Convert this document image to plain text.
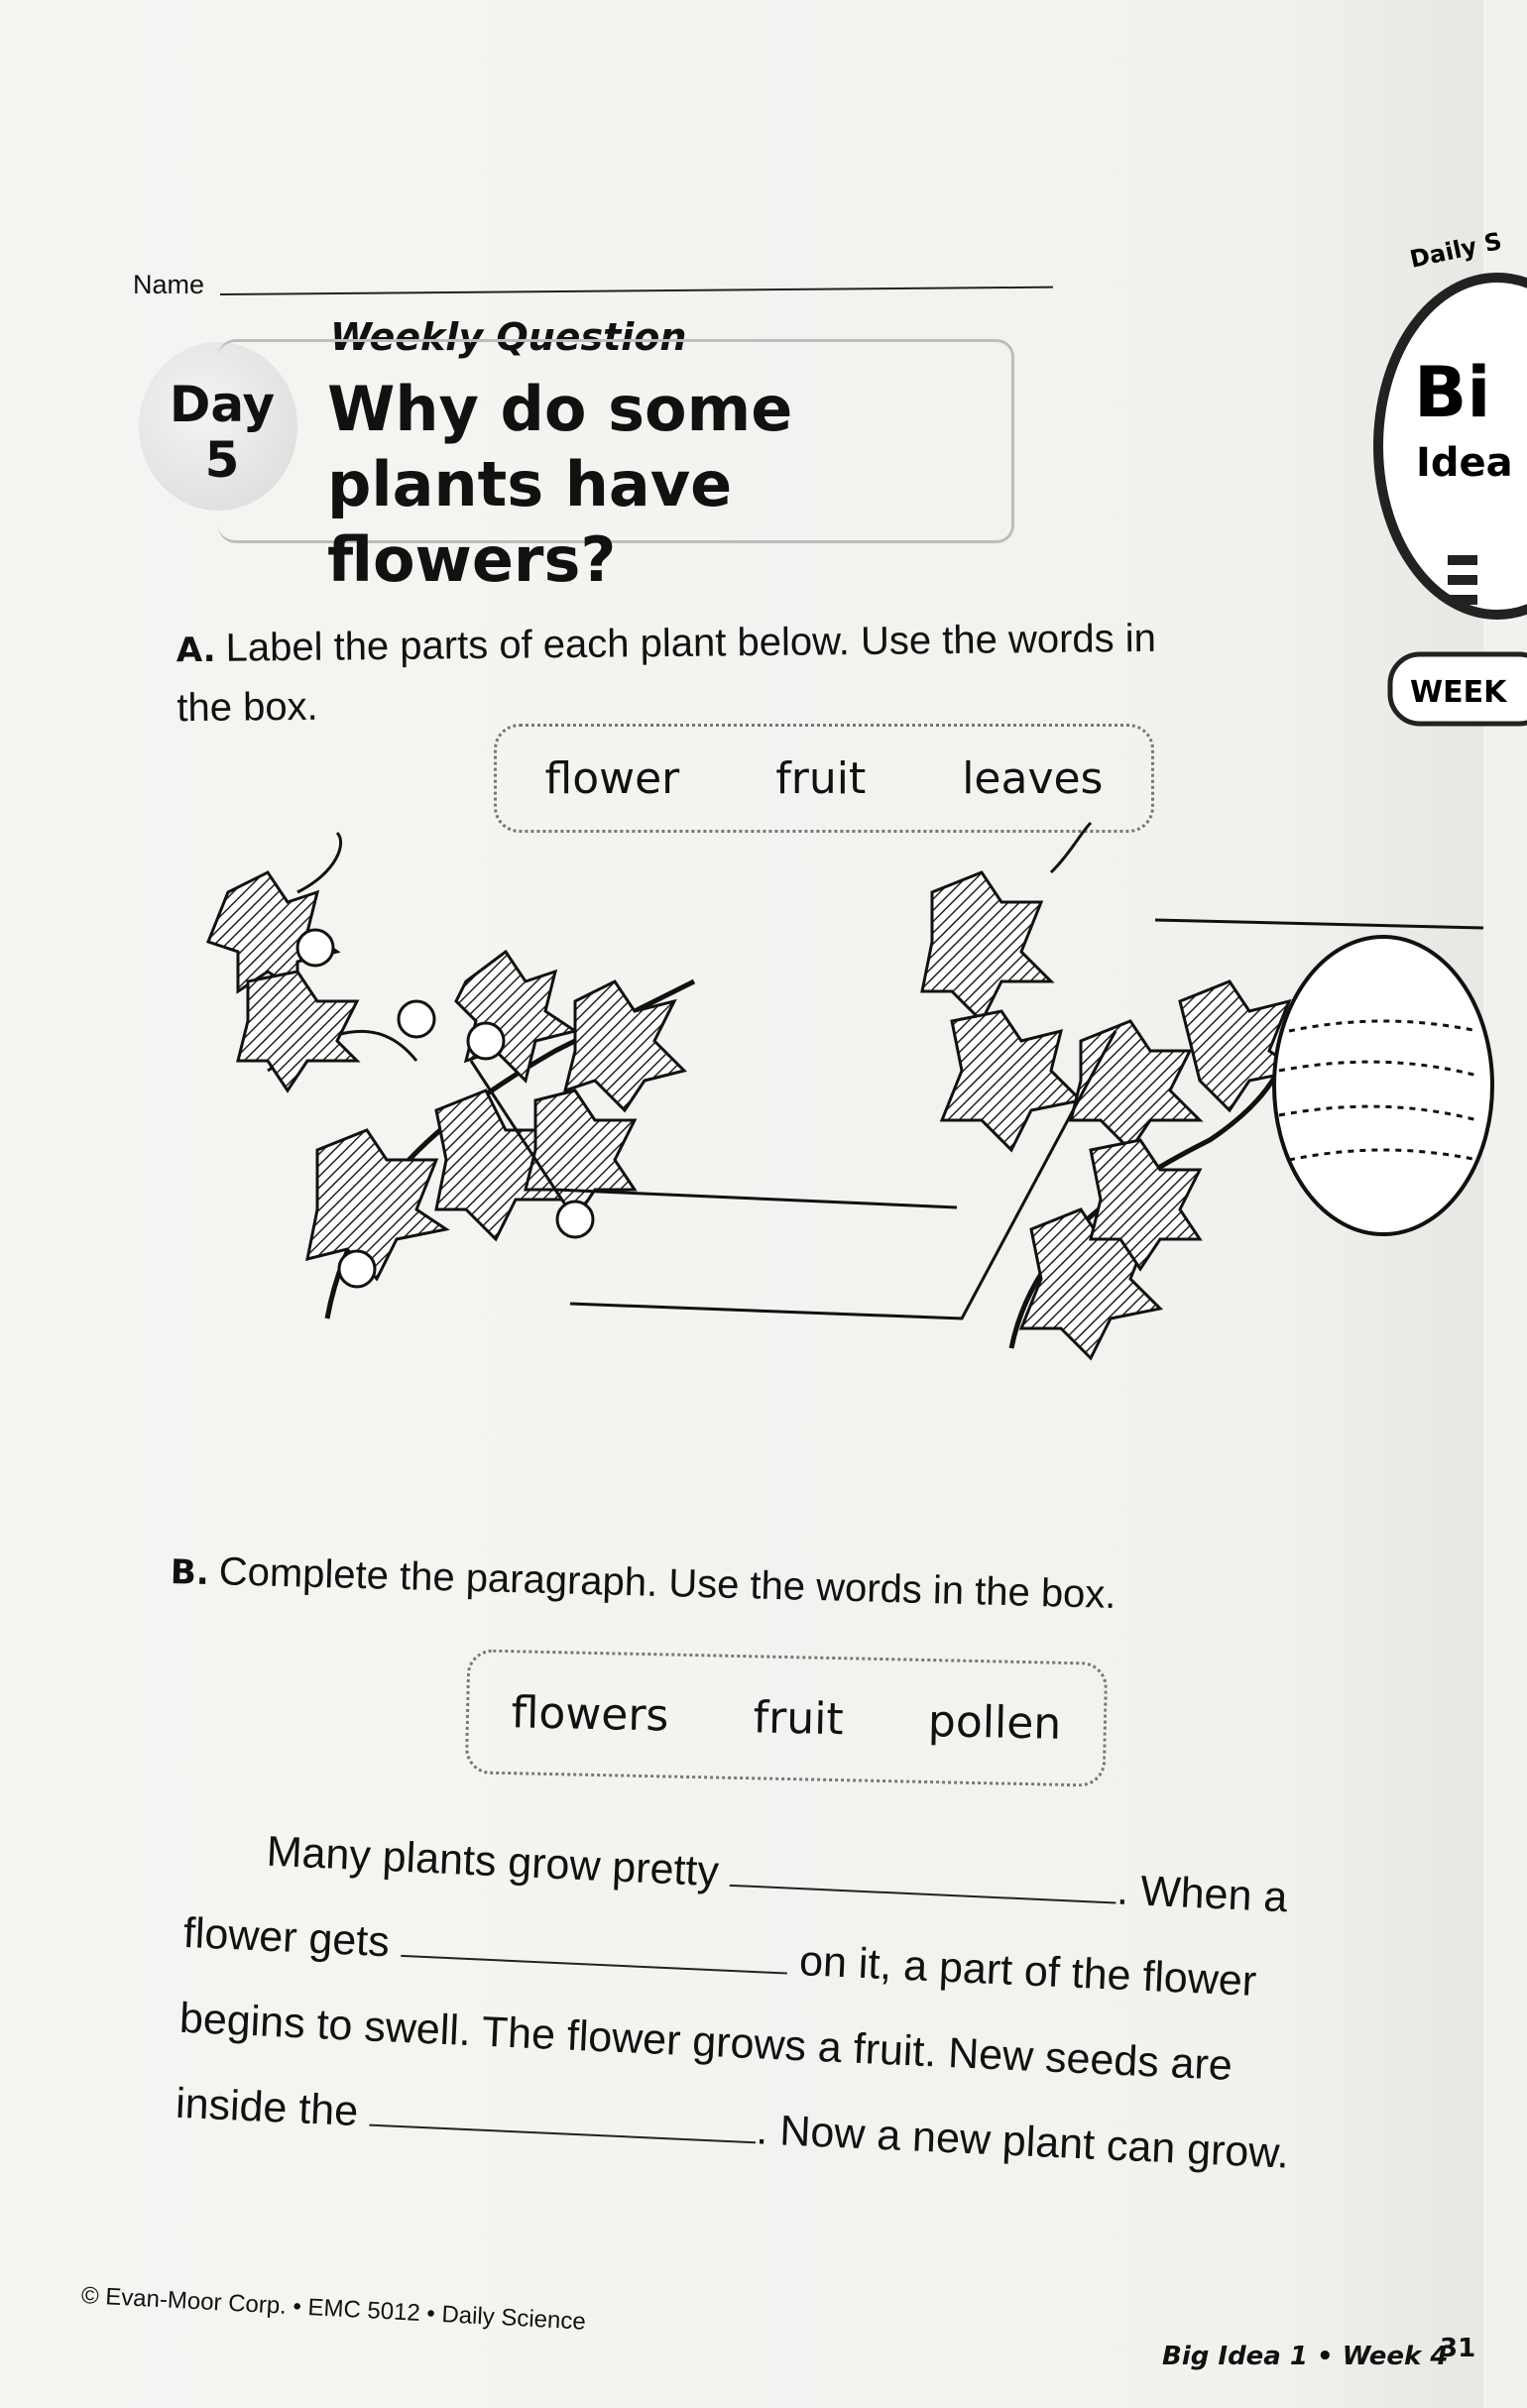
Daily S
Bi
Idea
WEEK
Name
Day
5
Weekly Question
Why do some plants have flowers?
A. Label the parts of each plant below. Use the words in the box.
flower fruit leaves
B. Complete the paragraph. Use the words in the box.
flowers fruit pollen
Many plants grow pretty	. When a
flower gets	on it, a part of the flower
begins to swell. The flower grows a fruit. New seeds are
inside the	. Now a new plant can grow.
© Evan-Moor Corp. • EMC 5012 • Daily Science
Big Idea 1 • Week 4
31
